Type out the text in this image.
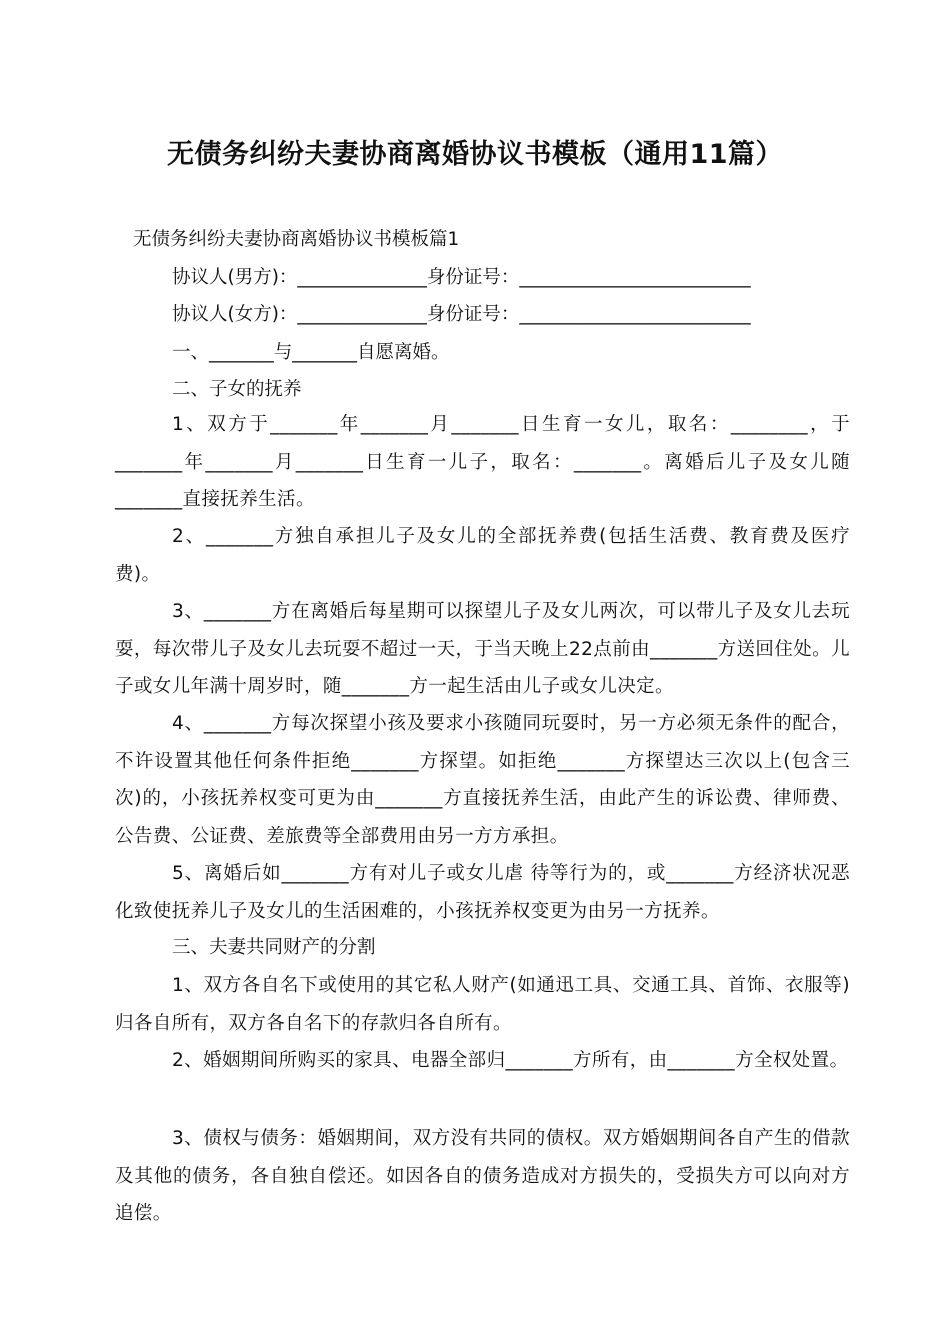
无债务纠纷夫妻协商离婚协议书模板（通用11篇）
无债务纠纷夫妻协商离婚协议书模板篇1
协议人(男方)：______________身份证号：_________________________
协议人(女方)：______________身份证号：_________________________
一、_______与_______自愿离婚。
二、子女的抚养
1、双方于_______年_______月_______日生育一女儿，取名：________，于_______年_______月_______日生育一儿子，取名：_______。离婚后儿子及女儿随_______直接抚养生活。
2、_______方独自承担儿子及女儿的全部抚养费(包括生活费、教育费及医疗费)。
3、_______方在离婚后每星期可以探望儿子及女儿两次，可以带儿子及女儿去玩耍，每次带儿子及女儿去玩耍不超过一天，于当天晚上22点前由_______方送回住处。儿子或女儿年满十周岁时，随_______方一起生活由儿子或女儿决定。
4、_______方每次探望小孩及要求小孩随同玩耍时，另一方必须无条件的配合，不许设置其他任何条件拒绝_______方探望。如拒绝_______方探望达三次以上(包含三次)的，小孩抚养权变可更为由_______方直接抚养生活，由此产生的诉讼费、律师费、公告费、公证费、差旅费等全部费用由另一方方承担。
5、离婚后如_______方有对儿子或女儿虐 待等行为的，或_______方经济状况恶化致使抚养儿子及女儿的生活困难的，小孩抚养权变更为由另一方抚养。
三、夫妻共同财产的分割
1、双方各自名下或使用的其它私人财产(如通迅工具、交通工具、首饰、衣服等)归各自所有，双方各自名下的存款归各自所有。
2、婚姻期间所购买的家具、电器全部归_______方所有，由_______方全权处置。
3、债权与债务：婚姻期间，双方没有共同的债权。双方婚姻期间各自产生的借款及其他的债务，各自独自偿还。如因各自的债务造成对方损失的，受损失方可以向对方追偿。
